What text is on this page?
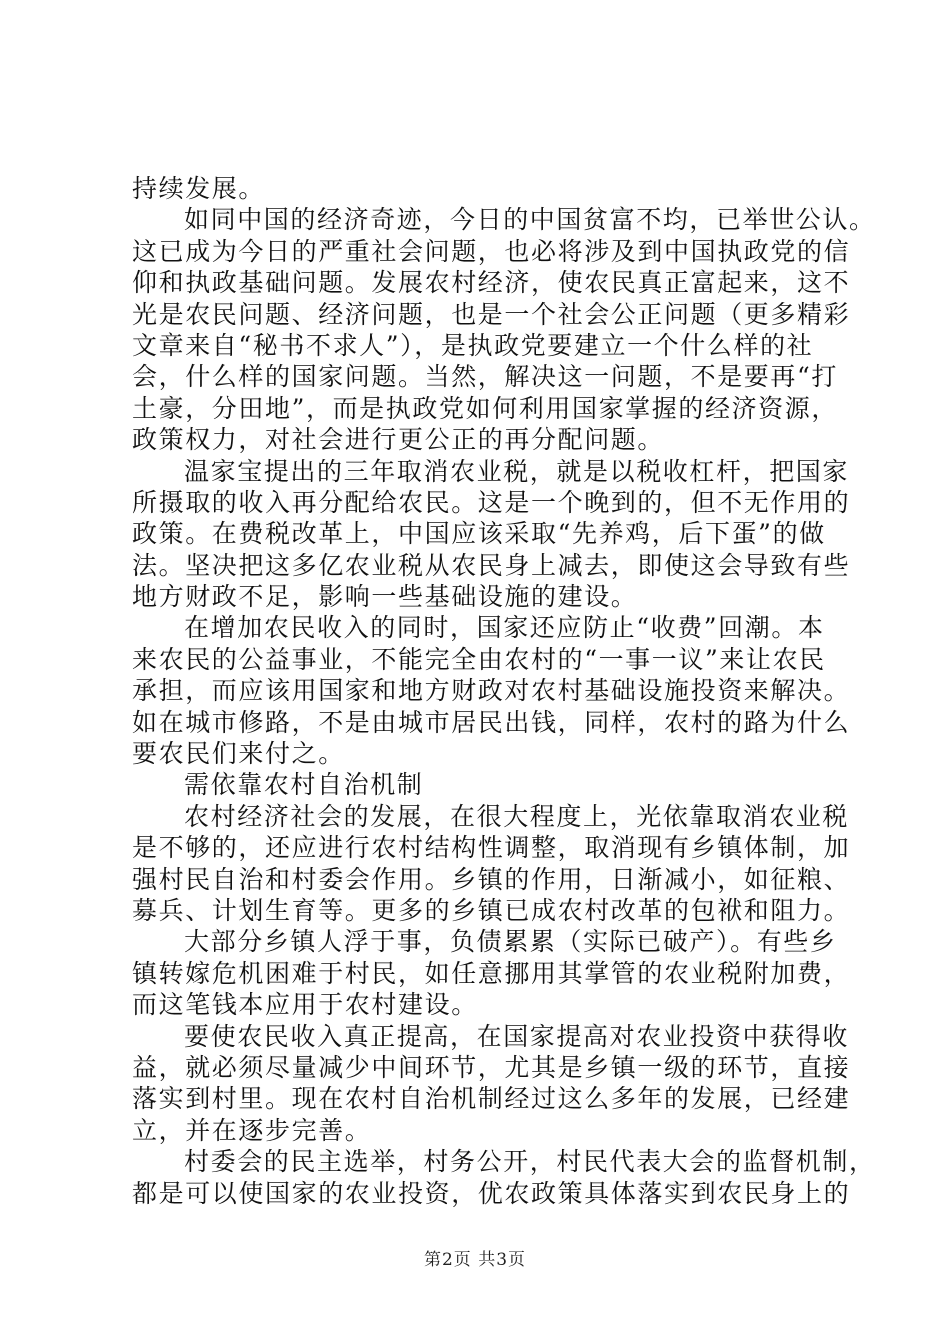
持续发展。
如同中国的经济奇迹，今日的中国贫富不均，已举世公认。
这已成为今日的严重社会问题，也必将涉及到中国执政党的信
仰和执政基础问题。发展农村经济，使农民真正富起来，这不
光是农民问题、经济问题，也是一个社会公正问题（更多精彩
文章来自“秘书不求人”），是执政党要建立一个什么样的社
会，什么样的国家问题。当然，解决这一问题，不是要再“打
土豪，分田地”，而是执政党如何利用国家掌握的经济资源，
政策权力，对社会进行更公正的再分配问题。
温家宝提出的三年取消农业税，就是以税收杠杆，把国家
所摄取的收入再分配给农民。这是一个晚到的，但不无作用的
政策。在费税改革上，中国应该采取“先养鸡，后下蛋”的做
法。坚决把这多亿农业税从农民身上减去，即使这会导致有些
地方财政不足，影响一些基础设施的建设。
在增加农民收入的同时，国家还应防止“收费”回潮。本
来农民的公益事业，不能完全由农村的“一事一议”来让农民
承担，而应该用国家和地方财政对农村基础设施投资来解决。
如在城市修路，不是由城市居民出钱，同样，农村的路为什么
要农民们来付之。
需依靠农村自治机制
农村经济社会的发展，在很大程度上，光依靠取消农业税
是不够的，还应进行农村结构性调整，取消现有乡镇体制，加
强村民自治和村委会作用。乡镇的作用，日渐减小，如征粮、
募兵、计划生育等。更多的乡镇已成农村改革的包袱和阻力。
大部分乡镇人浮于事，负债累累（实际已破产）。有些乡
镇转嫁危机困难于村民，如任意挪用其掌管的农业税附加费，
而这笔钱本应用于农村建设。
要使农民收入真正提高，在国家提高对农业投资中获得收
益，就必须尽量减少中间环节，尤其是乡镇一级的环节，直接
落实到村里。现在农村自治机制经过这么多年的发展，已经建
立，并在逐步完善。
村委会的民主选举，村务公开，村民代表大会的监督机制，
都是可以使国家的农业投资，优农政策具体落实到农民身上的
第2页 共3页
